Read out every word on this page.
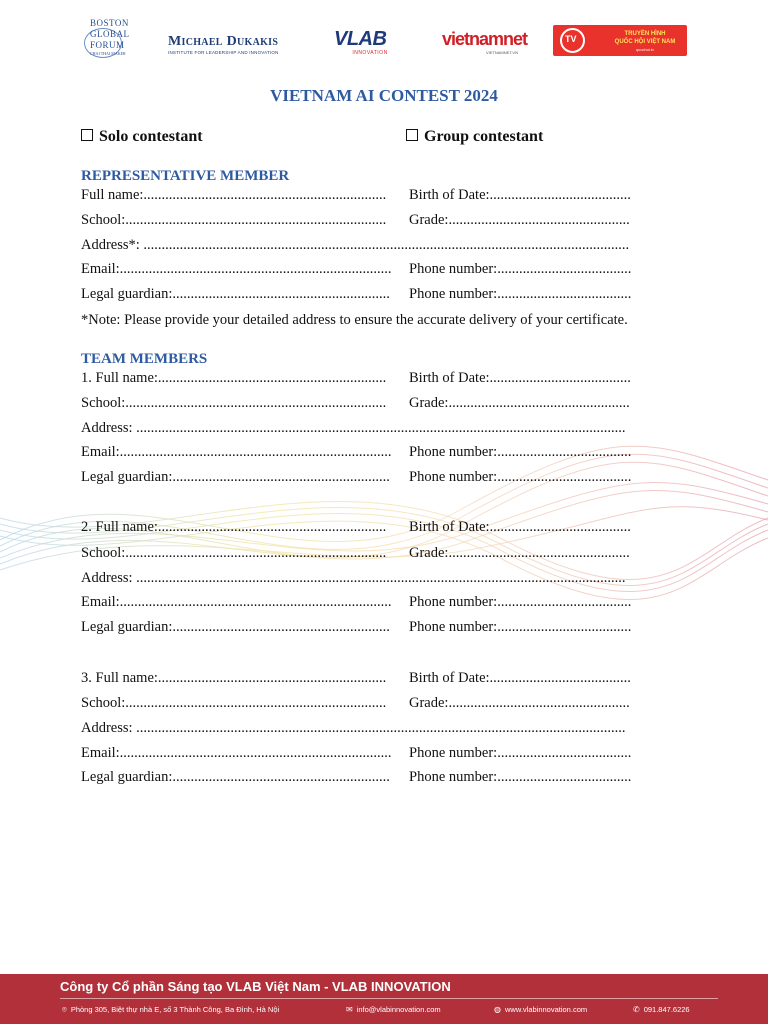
BOSTON
GLOBAL
FORUM
CHAI THAI MAKER
Michael Dukakis
INSTITUTE FOR LEADERSHIP AND INNOVATION
VLAB
INNOVATION
vietnamnet
VIETNAMNET.VN
TV	TRUYỀN HÌNH
QUỐC HỘI VIỆT NAM
quochoi.tv
VIETNAM AI CONTEST 2024
Solo contestant	Group contestant
REPRESENTATIVE MEMBER
Full name:................................................................... Birth of Date:.......................................
School:........................................................................ Grade:..................................................
Address*: ......................................................................................................................................
Email:........................................................................... Phone number:.....................................
Legal guardian:............................................................ Phone number:.....................................
*Note: Please provide your detailed address to ensure the accurate delivery of your certificate.
TEAM MEMBERS
1. Full name:............................................................... Birth of Date:.......................................
School:........................................................................ Grade:..................................................
Address: .......................................................................................................................................
Email:........................................................................... Phone number:.....................................
Legal guardian:............................................................ Phone number:.....................................
2. Full name:............................................................... Birth of Date:.......................................
School:........................................................................ Grade:..................................................
Address: .......................................................................................................................................
Email:........................................................................... Phone number:.....................................
Legal guardian:............................................................ Phone number:.....................................
3. Full name:............................................................... Birth of Date:.......................................
School:........................................................................ Grade:..................................................
Address: .......................................................................................................................................
Email:........................................................................... Phone number:.....................................
Legal guardian:............................................................ Phone number:.....................................
Công ty Cổ phần Sáng tạo VLAB Việt Nam - VLAB INNOVATION
⌾ Phòng 305, Biệt thự nhà E, số 3 Thành Công, Ba Đình, Hà Nội	✉ info@vlabinnovation.com	◍ www.vlabinnovation.com	✆ 091.847.6226
